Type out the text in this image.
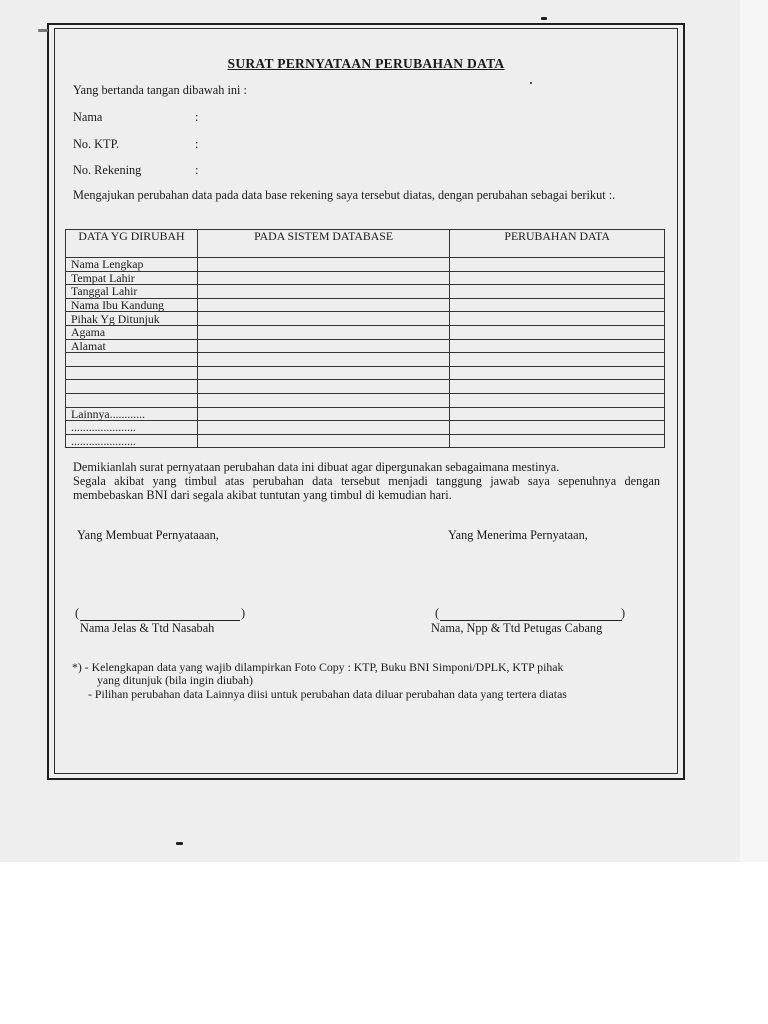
SURAT PERNYATAAN PERUBAHAN DATA
Yang bertanda tangan dibawah ini :
Nama	:
No. KTP.	:
No. Rekening	:
Mengajukan perubahan data pada data base rekening saya tersebut diatas, dengan perubahan sebagai berikut :.
DATA YG DIRUBAH	PADA SISTEM DATABASE	PERUBAHAN DATA
Nama Lengkap		
Tempat Lahir		
Tanggal Lahir		
Nama Ibu Kandung		
Pihak Yg Ditunjuk		
Agama		
Alamat		

Lainnya............		
......................		
......................		
Demikianlah surat pernyataan perubahan data ini dibuat agar dipergunakan sebagaimana mestinya.
Segala akibat yang timbul atas perubahan data tersebut menjadi tanggung jawab saya sepenuhnya dengan membebaskan BNI dari segala akibat tuntutan yang timbul di kemudian hari.
Yang Membuat Pernyataaan,	Yang Menerima Pernyataan,
(	)
Nama Jelas & Ttd Nasabah
(	)
Nama, Npp & Ttd Petugas Cabang
*) - Kelengkapan data yang wajib dilampirkan Foto Copy : KTP, Buku BNI Simponi/DPLK, KTP pihak
yang ditunjuk (bila ingin diubah)
- Pilihan perubahan data Lainnya diisi untuk perubahan data diluar perubahan data yang tertera diatas
